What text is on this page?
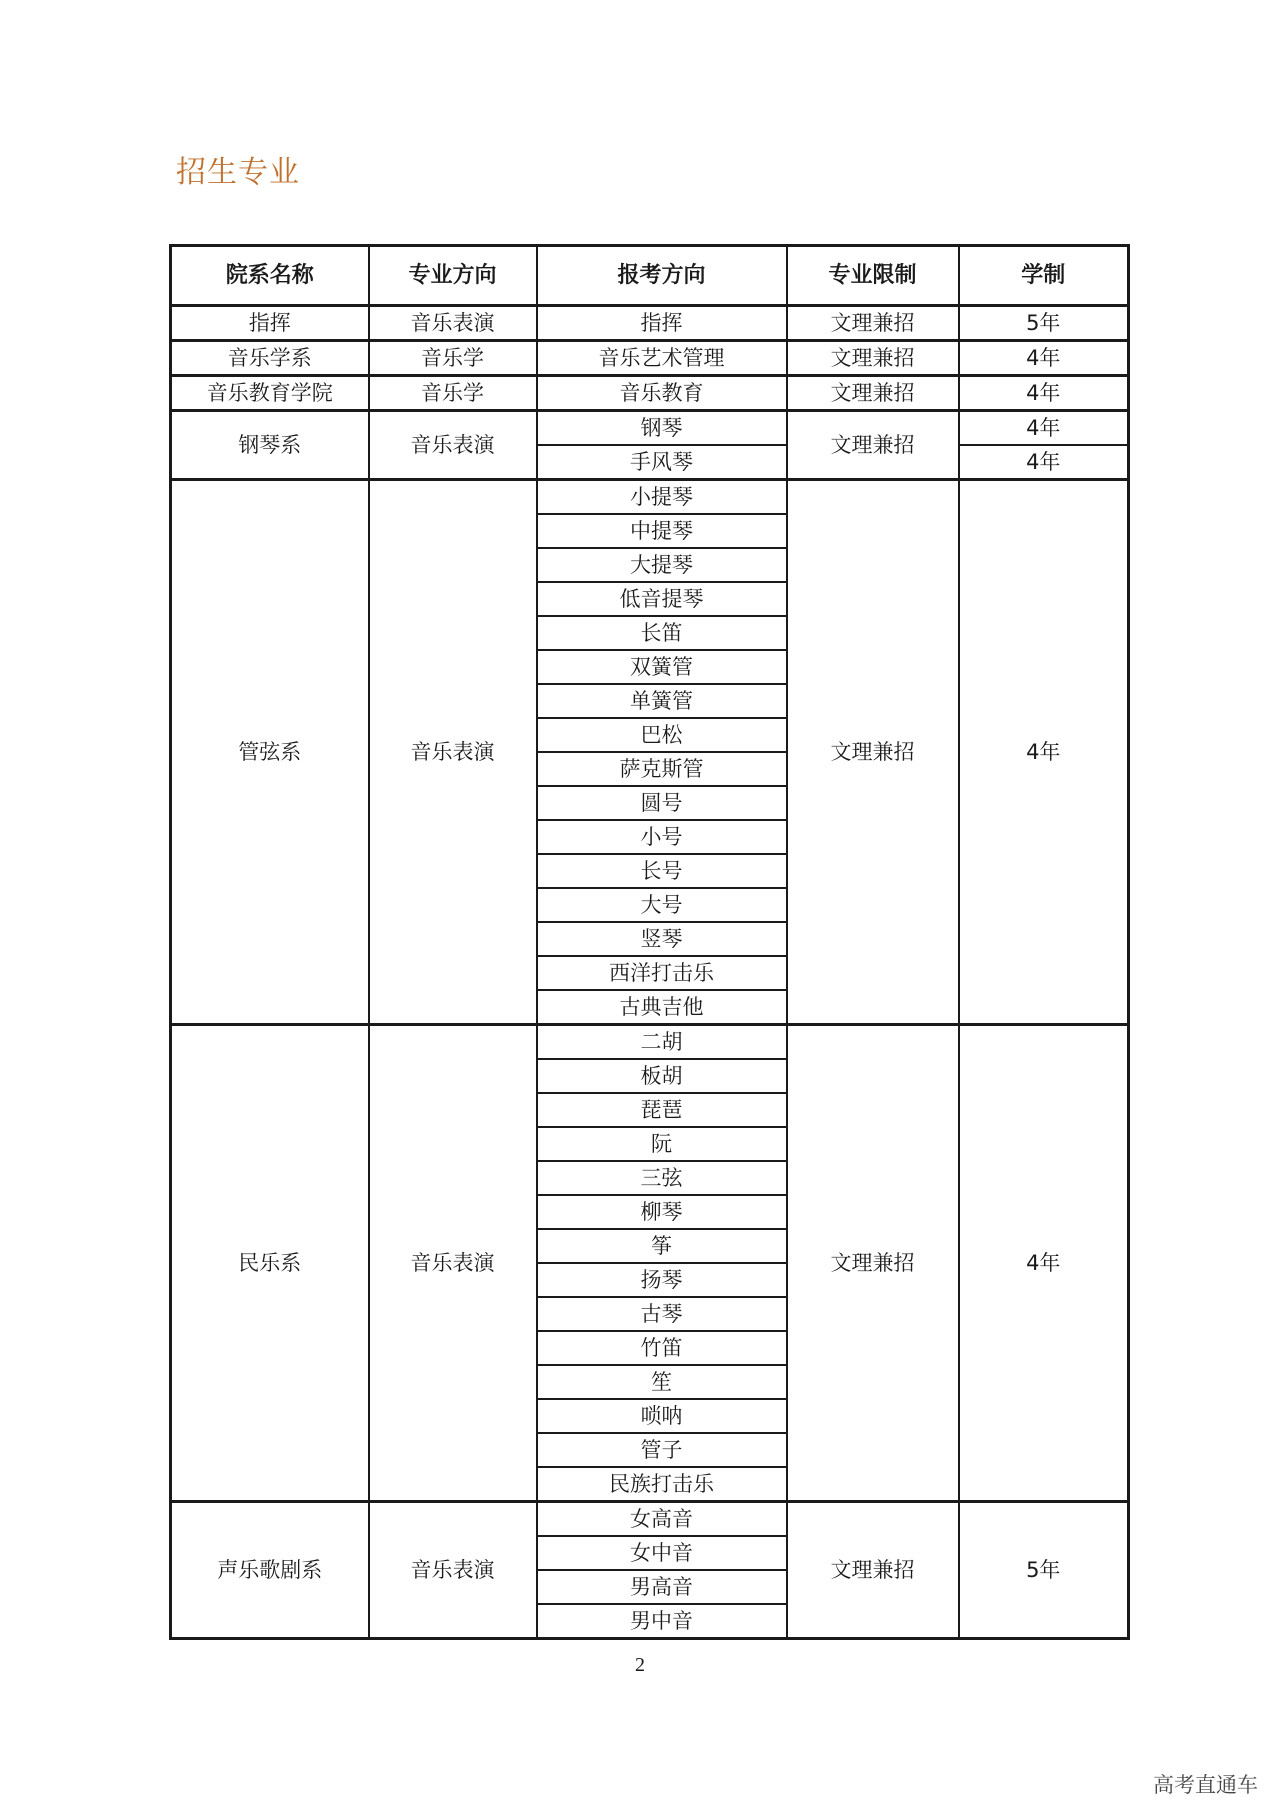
招生专业
院系名称	专业方向	报考方向	专业限制	学制
指挥	音乐表演	指挥	文理兼招	5年
音乐学系	音乐学	音乐艺术管理	文理兼招	4年
音乐教育学院	音乐学	音乐教育	文理兼招	4年
钢琴系	音乐表演	钢琴	文理兼招	4年
		手风琴		4年
管弦系	音乐表演	小提琴	文理兼招	4年
		中提琴		
		大提琴		
		低音提琴		
		长笛		
		双簧管		
		单簧管		
		巴松		
		萨克斯管		
		圆号		
		小号		
		长号		
		大号		
		竖琴		
		西洋打击乐		
		古典吉他		
民乐系	音乐表演	二胡	文理兼招	4年
		板胡		
		琵琶		
		阮		
		三弦		
		柳琴		
		筝		
		扬琴		
		古琴		
		竹笛		
		笙		
		唢呐		
		管子		
		民族打击乐		
声乐歌剧系	音乐表演	女高音	文理兼招	5年
		女中音		
		男高音		
		男中音		
2
高考直通车
